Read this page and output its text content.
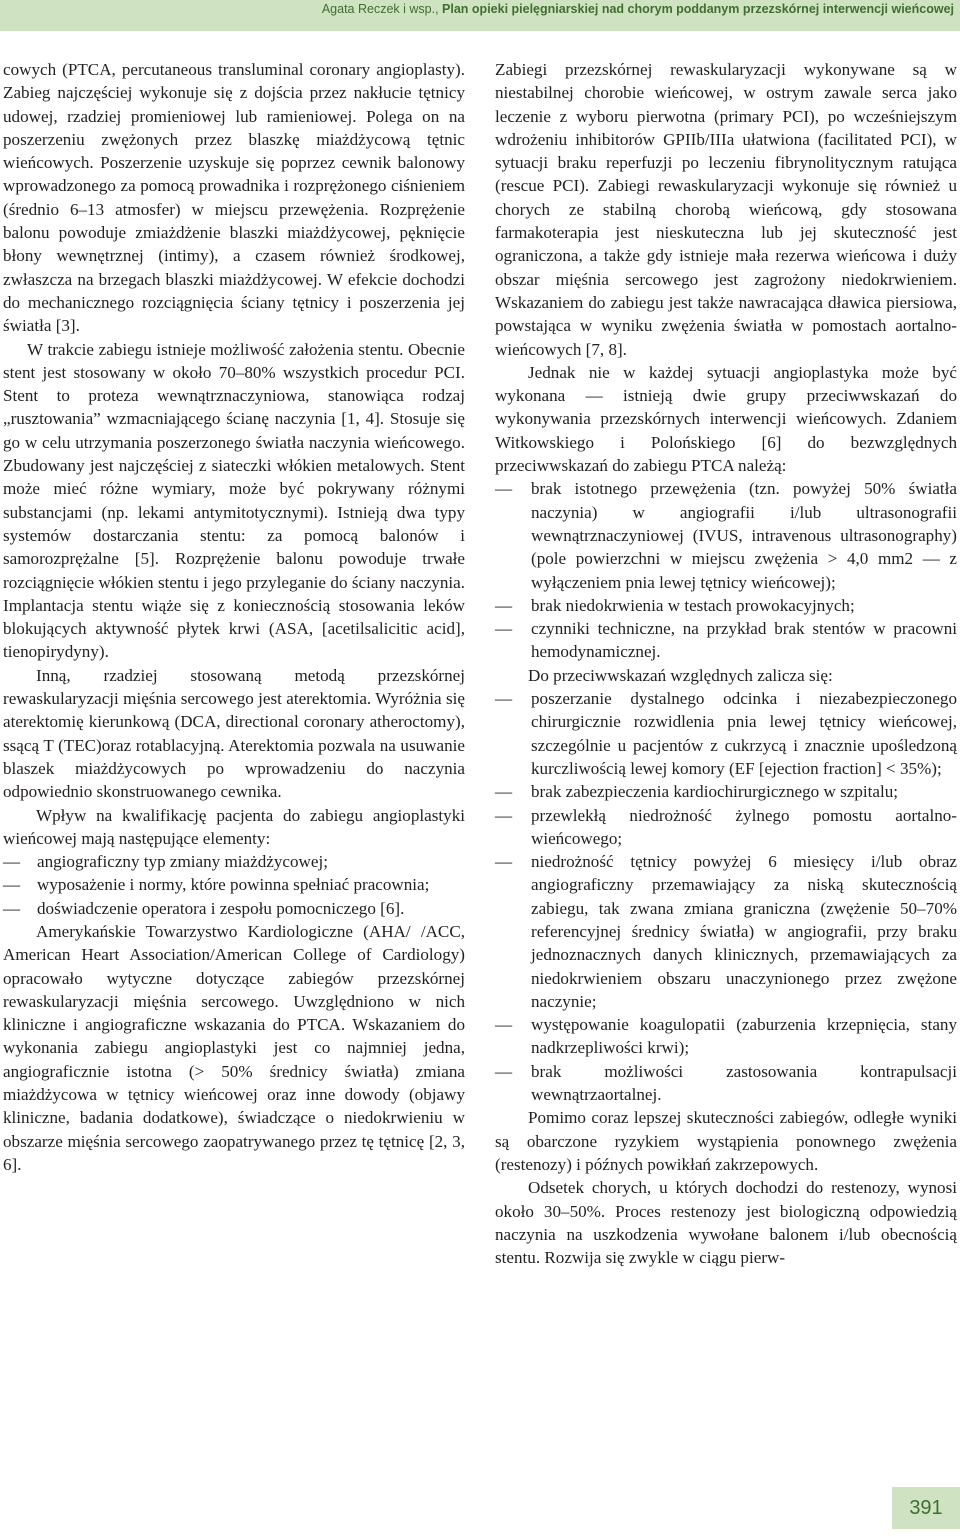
Agata Reczek i wsp., Plan opieki pielęgniarskiej nad chorym poddanym przezskórnej interwencji wieńcowej

cowych (PTCA, percutaneous transluminal coronary angioplasty). Zabieg najczęściej wykonuje się z dojścia przez nakłucie tętnicy udowej, rzadziej promieniowej lub ramieniowej. Polega on na poszerzeniu zwężonych przez blaszkę miażdżycową tętnic wieńcowych. Poszerzenie uzyskuje się poprzez cewnik balonowy wprowadzonego za pomocą prowadnika i rozprężonego ciśnieniem (średnio 6–13 atmosfer) w miejscu przewężenia. Rozprężenie balonu powoduje zmiażdżenie blaszki miażdżycowej, pęknięcie błony wewnętrznej (intimy), a czasem również środkowej, zwłaszcza na brzegach blaszki miażdżycowej. W efekcie dochodzi do mechanicznego rozciągnięcia ściany tętnicy i poszerzenia jej światła [3].

W trakcie zabiegu istnieje możliwość założenia stentu. Obecnie stent jest stosowany w około 70–80% wszystkich procedur PCI. Stent to proteza wewnątrznaczyniowa, stanowiąca rodzaj „rusztowania” wzmacniającego ścianę naczynia [1, 4]. Stosuje się go w celu utrzymania poszerzonego światła naczynia wieńcowego. Zbudowany jest najczęściej z siateczki włókien metalowych. Stent może mieć różne wymiary, może być pokrywany różnymi substancjami (np. lekami antymitotycznymi). Istnieją dwa typy systemów dostarczania stentu: za pomocą balonów i samorozprężalne [5]. Rozprężenie balonu powoduje trwałe rozciągnięcie włókien stentu i jego przyleganie do ściany naczynia. Implantacja stentu wiąże się z koniecznością stosowania leków blokujących aktywność płytek krwi (ASA, [acetilsalicitic acid], tienopirydyny).

Inną, rzadziej stosowaną metodą przezskórnej rewaskularyzacji mięśnia sercowego jest aterektomia. Wyróżnia się aterektomię kierunkową (DCA, directional coronary atheroctomy), ssącą T (TEC)oraz rotablacyjną. Aterektomia pozwala na usuwanie blaszek miażdżycowych po wprowadzeniu do naczynia odpowiednio skonstruowanego cewnika.

Wpływ na kwalifikację pacjenta do zabiegu angioplastyki wieńcowej mają następujące elementy:

— angiograficzny typ zmiany miażdżycowej;

— wyposażenie i normy, które powinna spełniać pracownia;

— doświadczenie operatora i zespołu pomocniczego [6].

Amerykańskie Towarzystwo Kardiologiczne (AHA/ /ACC, American Heart Association/American College of Cardiology) opracowało wytyczne dotyczące zabiegów przezskórnej rewaskularyzacji mięśnia sercowego. Uwzględniono w nich kliniczne i angiograficzne wskazania do PTCA. Wskazaniem do wykonania zabiegu angioplastyki jest co najmniej jedna, angiograficznie istotna (> 50% średnicy światła) zmiana miażdżycowa w tętnicy wieńcowej oraz inne dowody (objawy kliniczne, badania dodatkowe), świadczące o niedokrwieniu w obszarze mięśnia sercowego zaopatrywanego przez tę tętnicę [2, 3, 6].

Zabiegi przezskórnej rewaskularyzacji wykonywane są w niestabilnej chorobie wieńcowej, w ostrym zawale serca jako leczenie z wyboru pierwotna (primary PCI), po wcześniejszym wdrożeniu inhibitorów GPIIb/IIIa ułatwiona (facilitated PCI), w sytuacji braku reperfuzji po leczeniu fibrynolitycznym ratująca (rescue PCI). Zabiegi rewaskularyzacji wykonuje się również u chorych ze stabilną chorobą wieńcową, gdy stosowana farmakoterapia jest nieskuteczna lub jej skuteczność jest ograniczona, a także gdy istnieje mała rezerwa wieńcowa i duży obszar mięśnia sercowego jest zagrożony niedokrwieniem. Wskazaniem do zabiegu jest także nawracająca dławica piersiowa, powstająca w wyniku zwężenia światła w pomostach aortalno-wieńcowych [7, 8].

Jednak nie w każdej sytuacji angioplastyka może być wykonana — istnieją dwie grupy przeciwwskazań do wykonywania przezskórnych interwencji wieńcowych. Zdaniem Witkowskiego i Polońskiego [6] do bezwzględnych przeciwwskazań do zabiegu PTCA należą:

— brak istotnego przewężenia (tzn. powyżej 50% światła naczynia) w angiografii i/lub ultrasonografii wewnątrznaczyniowej (IVUS, intravenous ultrasonography) (pole powierzchni w miejscu zwężenia > 4,0 mm2 — z wyłączeniem pnia lewej tętnicy wieńcowej);

— brak niedokrwienia w testach prowokacyjnych;

— czynniki techniczne, na przykład brak stentów w pracowni hemodynamicznej.

Do przeciwwskazań względnych zalicza się:

— poszerzanie dystalnego odcinka i niezabezpieczonego chirurgicznie rozwidlenia pnia lewej tętnicy wieńcowej, szczególnie u pacjentów z cukrzycą i znacznie upośledzoną kurczliwością lewej komory (EF [ejection fraction] < 35%);

— brak zabezpieczenia kardiochirurgicznego w szpitalu;

— przewlekłą niedrożność żylnego pomostu aortalno-wieńcowego;

— niedrożność tętnicy powyżej 6 miesięcy i/lub obraz angiograficzny przemawiający za niską skutecznością zabiegu, tak zwana zmiana graniczna (zwężenie 50–70% referencyjnej średnicy światła) w angiografii, przy braku jednoznacznych danych klinicznych, przemawiających za niedokrwieniem obszaru unaczynionego przez zwężone naczynie;

— występowanie koagulopatii (zaburzenia krzepnięcia, stany nadkrzepliwości krwi);

— brak możliwości zastosowania kontrapulsacji wewnątrzaortalnej.

Pomimo coraz lepszej skuteczności zabiegów, odległe wyniki są obarczone ryzykiem wystąpienia ponownego zwężenia (restenozy) i późnych powikłań zakrzepowych.

Odsetek chorych, u których dochodzi do restenozy, wynosi około 30–50%. Proces restenozy jest biologiczną odpowiedzią naczynia na uszkodzenia wywołane balonem i/lub obecnością stentu. Rozwija się zwykle w ciągu pierw-

391
